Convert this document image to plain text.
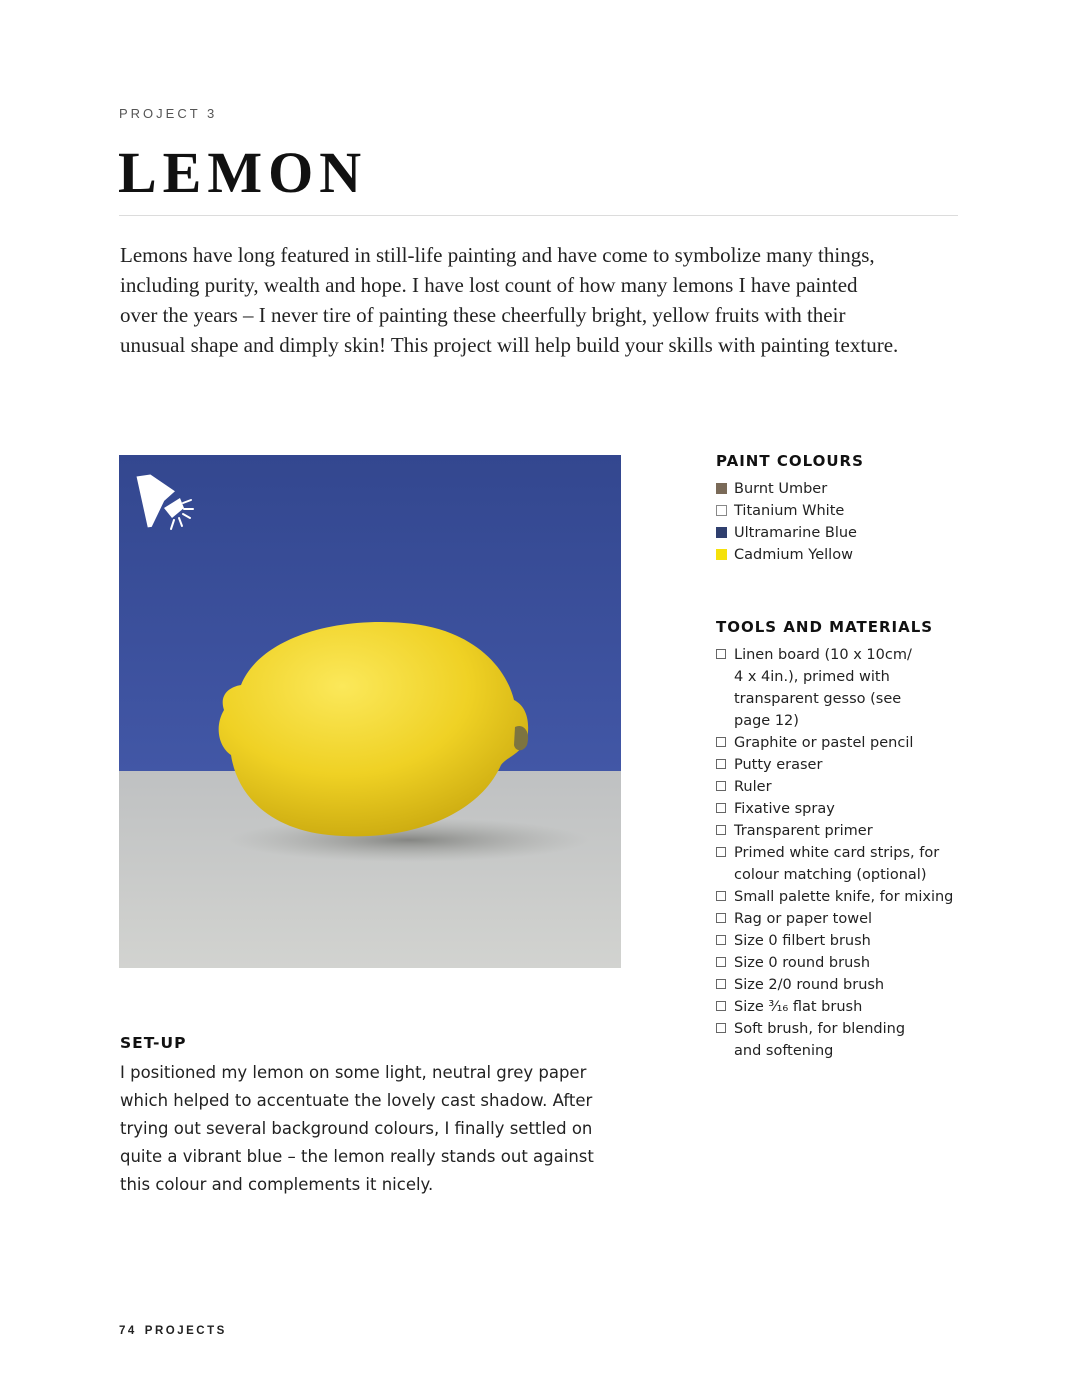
PROJECT 3
LEMON

Lemons have long featured in still-life painting and have come to symbolize many things,
including purity, wealth and hope. I have lost count of how many lemons I have painted
over the years – I never tire of painting these cheerfully bright, yellow fruits with their
unusual shape and dimply skin! This project will help build your skills with painting texture.

PAINT COLOURS
Burnt Umber
Titanium White
Ultramarine Blue
Cadmium Yellow
TOOLS AND MATERIALS
Linen board (10 x 10cm/
4 x 4in.), primed with
transparent gesso (see
page 12)
Graphite or pastel pencil
Putty eraser
Ruler
Fixative spray
Transparent primer
Primed white card strips, for
colour matching (optional)
Small palette knife, for mixing
Rag or paper towel
Size 0 filbert brush
Size 0 round brush
Size 2/0 round brush
Size ³⁄₁₆ flat brush
Soft brush, for blending
and softening
SET-UP

I positioned my lemon on some light, neutral grey paper
which helped to accentuate the lovely cast shadow. After
trying out several background colours, I finally settled on
quite a vibrant blue – the lemon really stands out against
this colour and complements it nicely.

74 PROJECTS
